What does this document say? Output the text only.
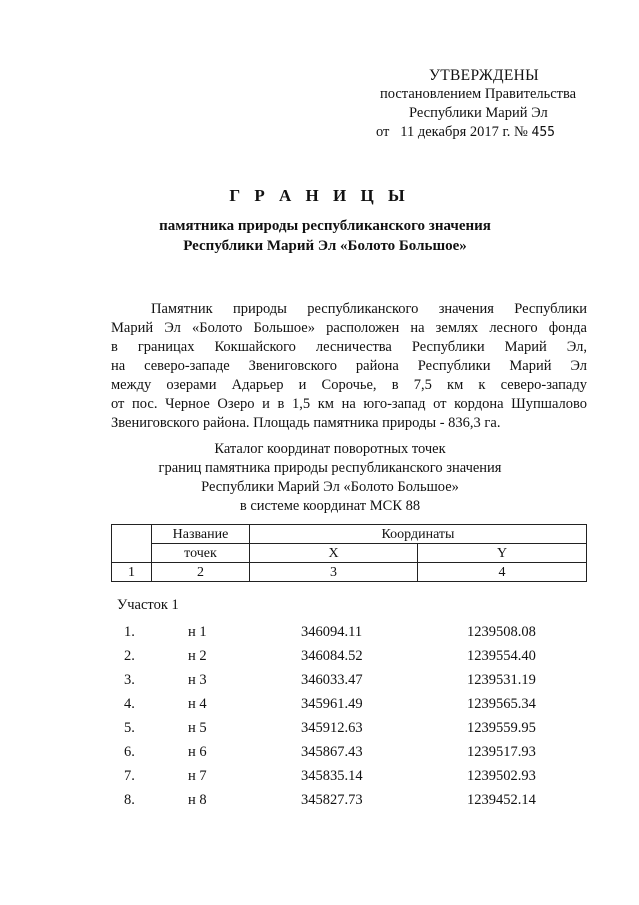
УТВЕРЖДЕНЫ
постановлением Правительства
Республики Марий Эл
от 11 декабря 2017 г. № 455
Г Р А Н И Ц Ы
памятника природы республиканского значения
Республики Марий Эл «Болото Большое»
Памятник природы республиканского значения Республики
Марий Эл «Болото Большое» расположен на землях лесного фонда
в границах Кокшайского лесничества Республики Марий Эл,
на северо-западе Звениговского района Республики Марий Эл
между озерами Адарьер и Сорочье, в 7,5 км к северо-западу
от пос. Черное Озеро и в 1,5 км на юго-запад от кордона Шупшалово
Звениговского района. Площадь памятника природы - 836,3 га.
Каталог координат поворотных точек
границ памятника природы республиканского значения
Республики Марий Эл «Болото Большое»
в системе координат МСК 88
	Название	Координаты	
	точек	X	Y
1	2	3	4
Участок 1
1.	н 1	346094.11	1239508.08
2.	н 2	346084.52	1239554.40
3.	н 3	346033.47	1239531.19
4.	н 4	345961.49	1239565.34
5.	н 5	345912.63	1239559.95
6.	н 6	345867.43	1239517.93
7.	н 7	345835.14	1239502.93
8.	н 8	345827.73	1239452.14
